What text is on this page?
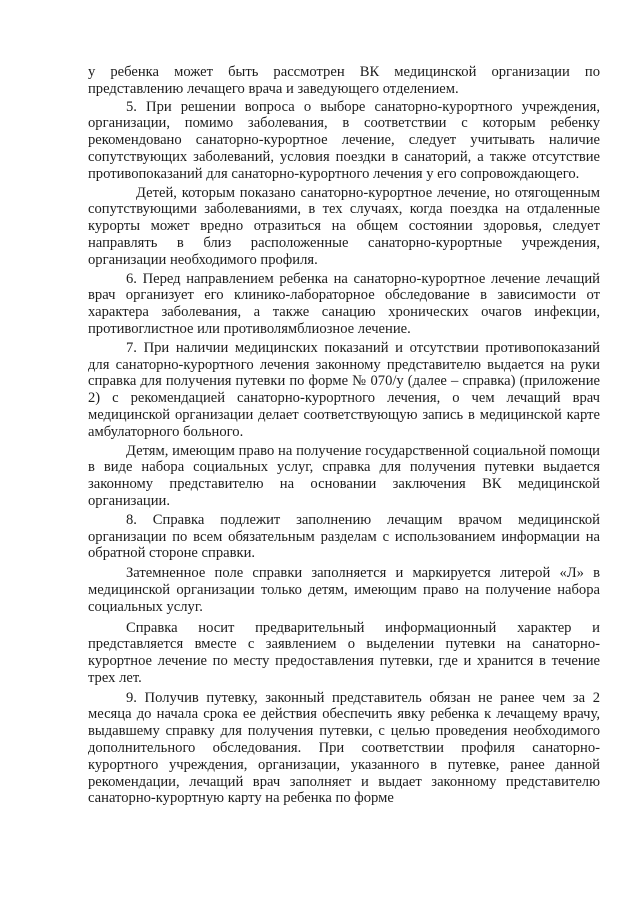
у ребенка может быть рассмотрен ВК медицинской организации по представлению лечащего врача и заведующего отделением.

5. При решении вопроса о выборе санаторно-курортного учреждения, организации, помимо заболевания, в соответствии с которым ребенку рекомендовано санаторно-курортное лечение, следует учитывать наличие сопутствующих заболеваний, условия поездки в санаторий, а также отсутствие противопоказаний для санаторно-курортного лечения у его сопровождающего.

Детей, которым показано санаторно-курортное лечение, но отягощенным сопутствующими заболеваниями, в тех случаях, когда поездка на отдаленные курорты может вредно отразиться на общем состоянии здоровья, следует направлять в близ расположенные санаторно-курортные учреждения, организации необходимого профиля.

6. Перед направлением ребенка на санаторно-курортное лечение лечащий врач организует его клинико-лабораторное обследование в зависимости от характера заболевания, а также санацию хронических очагов инфекции, противоглистное или противолямблиозное лечение.

7. При наличии медицинских показаний и отсутствии противопоказаний для санаторно-курортного лечения законному представителю выдается на руки справка для получения путевки по форме № 070/у (далее – справка) (приложение 2) с рекомендацией санаторно-курортного лечения, о чем лечащий врач медицинской организации делает соответствующую запись в медицинской карте амбулаторного больного.

Детям, имеющим право на получение государственной социальной помощи в виде набора социальных услуг, справка для получения путевки выдается законному представителю на основании заключения ВК медицинской организации.

8. Справка подлежит заполнению лечащим врачом медицинской организации по всем обязательным разделам с использованием информации на обратной стороне справки.

Затемненное поле справки заполняется и маркируется литерой «Л» в медицинской организации только детям, имеющим право на получение набора социальных услуг.

Справка носит предварительный информационный характер и представляется вместе с заявлением о выделении путевки на санаторно-курортное лечение по месту предоставления путевки, где и хранится в течение трех лет.

9. Получив путевку, законный представитель обязан не ранее чем за 2 месяца до начала срока ее действия обеспечить явку ребенка к лечащему врачу, выдавшему справку для получения путевки, с целью проведения необходимого дополнительного обследования. При соответствии профиля санаторно-курортного учреждения, организации, указанного в путевке, ранее данной рекомендации, лечащий врач заполняет и выдает законному представителю санаторно-курортную карту на ребенка по форме
